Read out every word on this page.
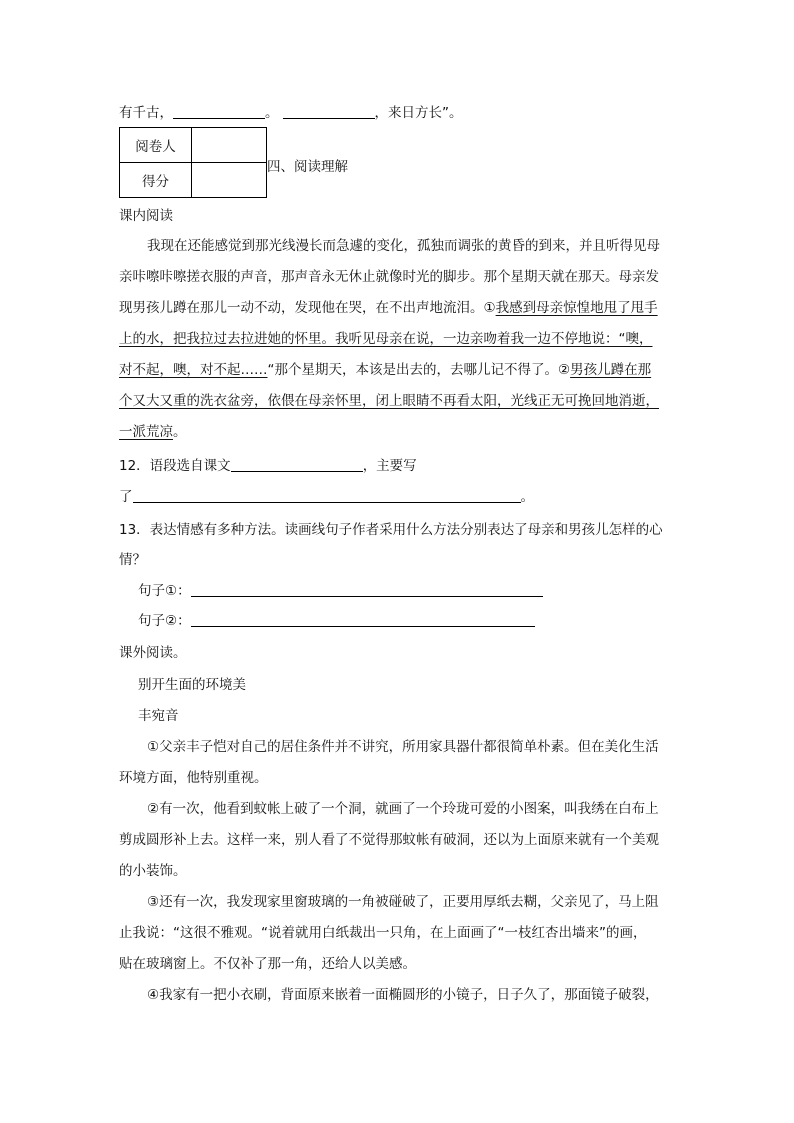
有千古，	。	，来日方长”。
阅卷人	
得分	
四、阅读理解
课内阅读
我现在还能感觉到那光线漫长而急遽的变化，孤独而调张的黄昏的到来，并且听得见母
亲咔嚓咔嚓搓衣服的声音，那声音永无休止就像时光的脚步。那个星期天就在那天。母亲发
现男孩儿蹲在那儿一动不动，发现他在哭，在不出声地流泪。①我感到母亲惊惶地甩了甩手
上的水，把我拉过去拉进她的怀里。我听见母亲在说，一边亲吻着我一边不停地说：“噢，
对不起，噢，对不起……“那个星期天，本该是出去的，去哪儿记不得了。②男孩儿蹲在那
个又大又重的洗衣盆旁，依偎在母亲怀里，闭上眼睛不再看太阳，光线正无可挽回地消逝，
一派荒凉。
12．语段选自课文	，主要写
了	。
13．表达情感有多种方法。读画线句子作者采用什么方法分别表达了母亲和男孩儿怎样的心
情？
句子①：
句子②：
课外阅读。
别开生面的环境美
丰宛音
①父亲丰子恺对自己的居住条件并不讲究，所用家具器什都很简单朴素。但在美化生活
环境方面，他特别重视。
②有一次，他看到蚊帐上破了一个洞，就画了一个玲珑可爱的小图案，叫我绣在白布上
剪成圆形补上去。这样一来，别人看了不觉得那蚊帐有破洞，还以为上面原来就有一个美观
的小装饰。
③还有一次，我发现家里窗玻璃的一角被碰破了，正要用厚纸去糊，父亲见了，马上阻
止我说：“这很不雅观。“说着就用白纸裁出一只角，在上面画了“一枝红杏出墙来”的画，
贴在玻璃窗上。不仅补了那一角，还给人以美感。
④我家有一把小衣刷，背面原来嵌着一面椭圆形的小镜子，日子久了，那面镜子破裂，
